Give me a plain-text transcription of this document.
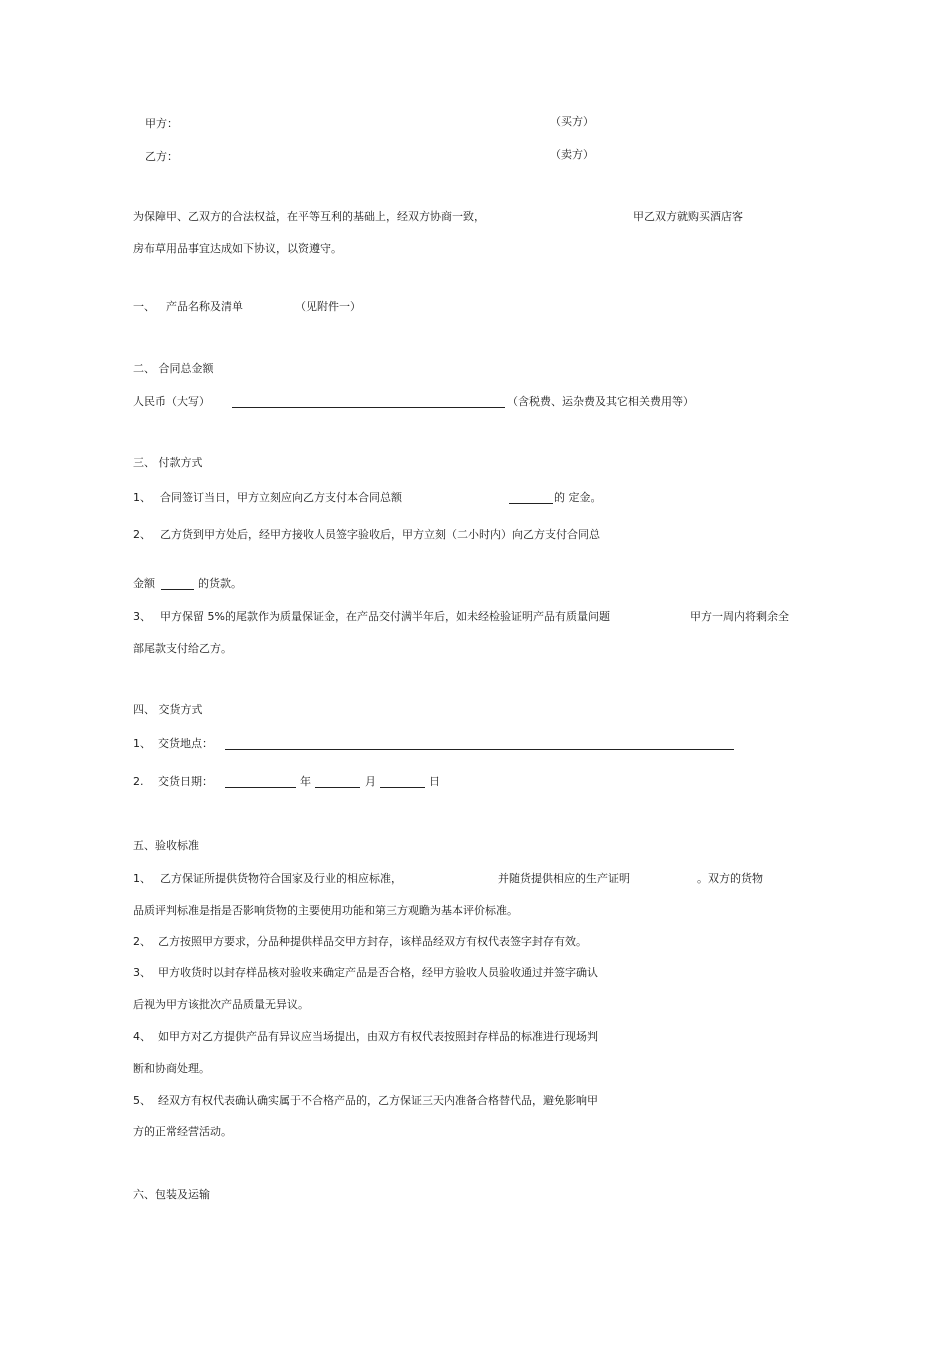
甲方：	（买方）
乙方：	（卖方）
为保障甲、乙双方的合法权益，在平等互利的基础上，经双方协商一致，	甲乙双方就购买酒店客
房布草用品事宜达成如下协议，以资遵守。
一、 产品名称及清单	（见附件一）
二、 合同总金额
人民币（大写）	（含税费、运杂费及其它相关费用等）
三、 付款方式
1、 合同签订当日，甲方立刻应向乙方支付本合同总额	的 定金。
2、 乙方货到甲方处后，经甲方接收人员签字验收后，甲方立刻（二小时内）向乙方支付合同总
金额	的货款。
3、 甲方保留 5%的尾款作为质量保证金，在产品交付满半年后，如未经检验证明产品有质量问题	甲方一周内将剩余全
部尾款支付给乙方。
四、 交货方式
1、 交货地点：
2. 交货日期：	年	月	日
五、验收标准
1、 乙方保证所提供货物符合国家及行业的相应标准，	并随货提供相应的生产证明	。双方的货物
品质评判标准是指是否影响货物的主要使用功能和第三方观瞻为基本评价标准。
2、 乙方按照甲方要求，分品种提供样品交甲方封存，该样品经双方有权代表签字封存有效。
3、 甲方收货时以封存样品核对验收来确定产品是否合格，经甲方验收人员验收通过并签字确认
后视为甲方该批次产品质量无异议。
4、 如甲方对乙方提供产品有异议应当场提出，由双方有权代表按照封存样品的标准进行现场判
断和协商处理。
5、 经双方有权代表确认确实属于不合格产品的，乙方保证三天内准备合格替代品，避免影响甲
方的正常经营活动。
六、包装及运输
